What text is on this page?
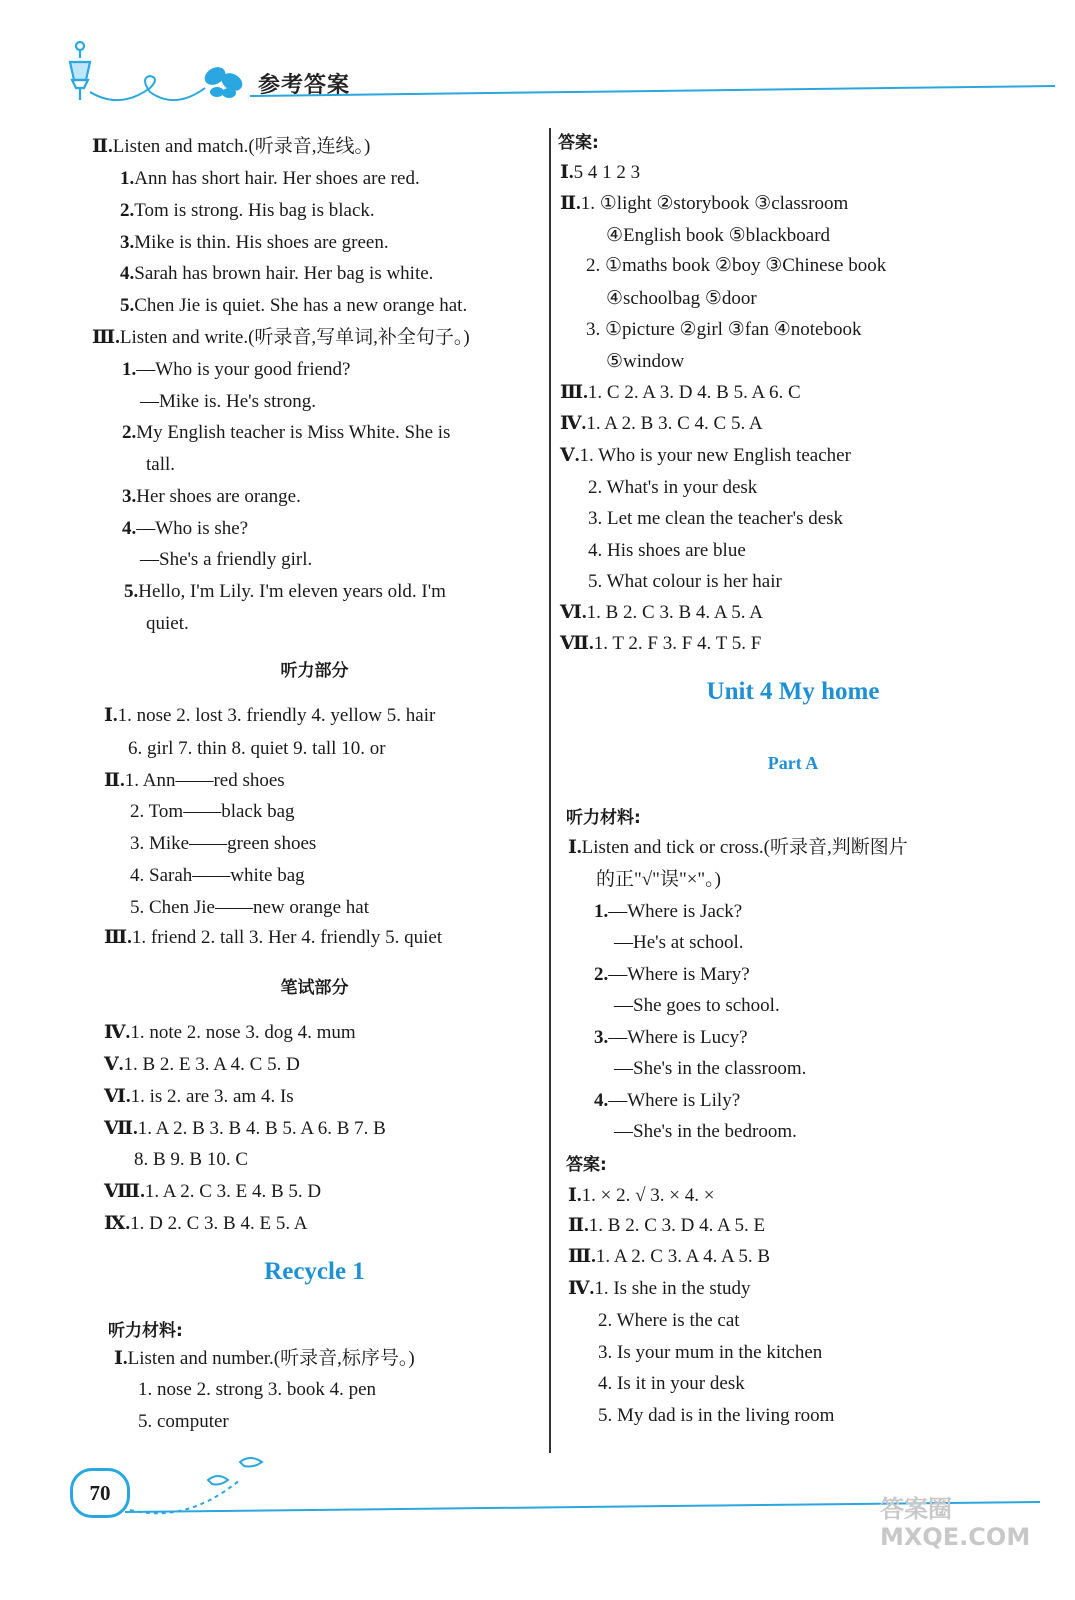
参考答案
Ⅱ.Listen and match.(听录音,连线。)
1.Ann has short hair. Her shoes are red.
2.Tom is strong. His bag is black.
3.Mike is thin. His shoes are green.
4.Sarah has brown hair. Her bag is white.
5.Chen Jie is quiet. She has a new orange hat.
Ⅲ.Listen and write.(听录音,写单词,补全句子。)
1.—Who is your good friend?
—Mike is. He's strong.
2.My English teacher is Miss White. She is
tall.
3.Her shoes are orange.
4.—Who is she?
—She's a friendly girl.
5.Hello, I'm Lily. I'm eleven years old. I'm
quiet.
Ⅰ.1. nose 2. lost 3. friendly 4. yellow 5. hair
6. girl 7. thin 8. quiet 9. tall 10. or
Ⅱ.1. Ann——red shoes
2. Tom——black bag
3. Mike——green shoes
4. Sarah——white bag
5. Chen Jie——new orange hat
Ⅲ.1. friend 2. tall 3. Her 4. friendly 5. quiet
Ⅳ.1. note 2. nose 3. dog 4. mum
Ⅴ.1. B 2. E 3. A 4. C 5. D
Ⅵ.1. is 2. are 3. am 4. Is
Ⅶ.1. A 2. B 3. B 4. B 5. A 6. B 7. B
8. B 9. B 10. C
Ⅷ.1. A 2. C 3. E 4. B 5. D
Ⅸ.1. D 2. C 3. B 4. E 5. A
Ⅰ.Listen and number.(听录音,标序号。)
1. nose 2. strong 3. book 4. pen
5. computer
听力部分
笔试部分
听力材料:
Recycle 1
答案:
Ⅰ.5 4 1 2 3
Ⅱ.1. ①light ②storybook ③classroom
④English book ⑤blackboard
2. ①maths book ②boy ③Chinese book
④schoolbag ⑤door
3. ①picture ②girl ③fan ④notebook
⑤window
Ⅲ.1. C 2. A 3. D 4. B 5. A 6. C
Ⅳ.1. A 2. B 3. C 4. C 5. A
Ⅴ.1. Who is your new English teacher
2. What's in your desk
3. Let me clean the teacher's desk
4. His shoes are blue
5. What colour is her hair
Ⅵ.1. B 2. C 3. B 4. A 5. A
Ⅶ.1. T 2. F 3. F 4. T 5. F
听力材料:
Ⅰ.Listen and tick or cross.(听录音,判断图片
的正"√"误"×"。)
1.—Where is Jack?
—He's at school.
2.—Where is Mary?
—She goes to school.
3.—Where is Lucy?
—She's in the classroom.
4.—Where is Lily?
—She's in the bedroom.
答案:
Ⅰ.1. × 2. √ 3. × 4. ×
Ⅱ.1. B 2. C 3. D 4. A 5. E
Ⅲ.1. A 2. C 3. A 4. A 5. B
Ⅳ.1. Is she in the study
2. Where is the cat
3. Is your mum in the kitchen
4. Is it in your desk
5. My dad is in the living room
Unit 4 My home
Part A
70
答案圈
MXQE.COM
